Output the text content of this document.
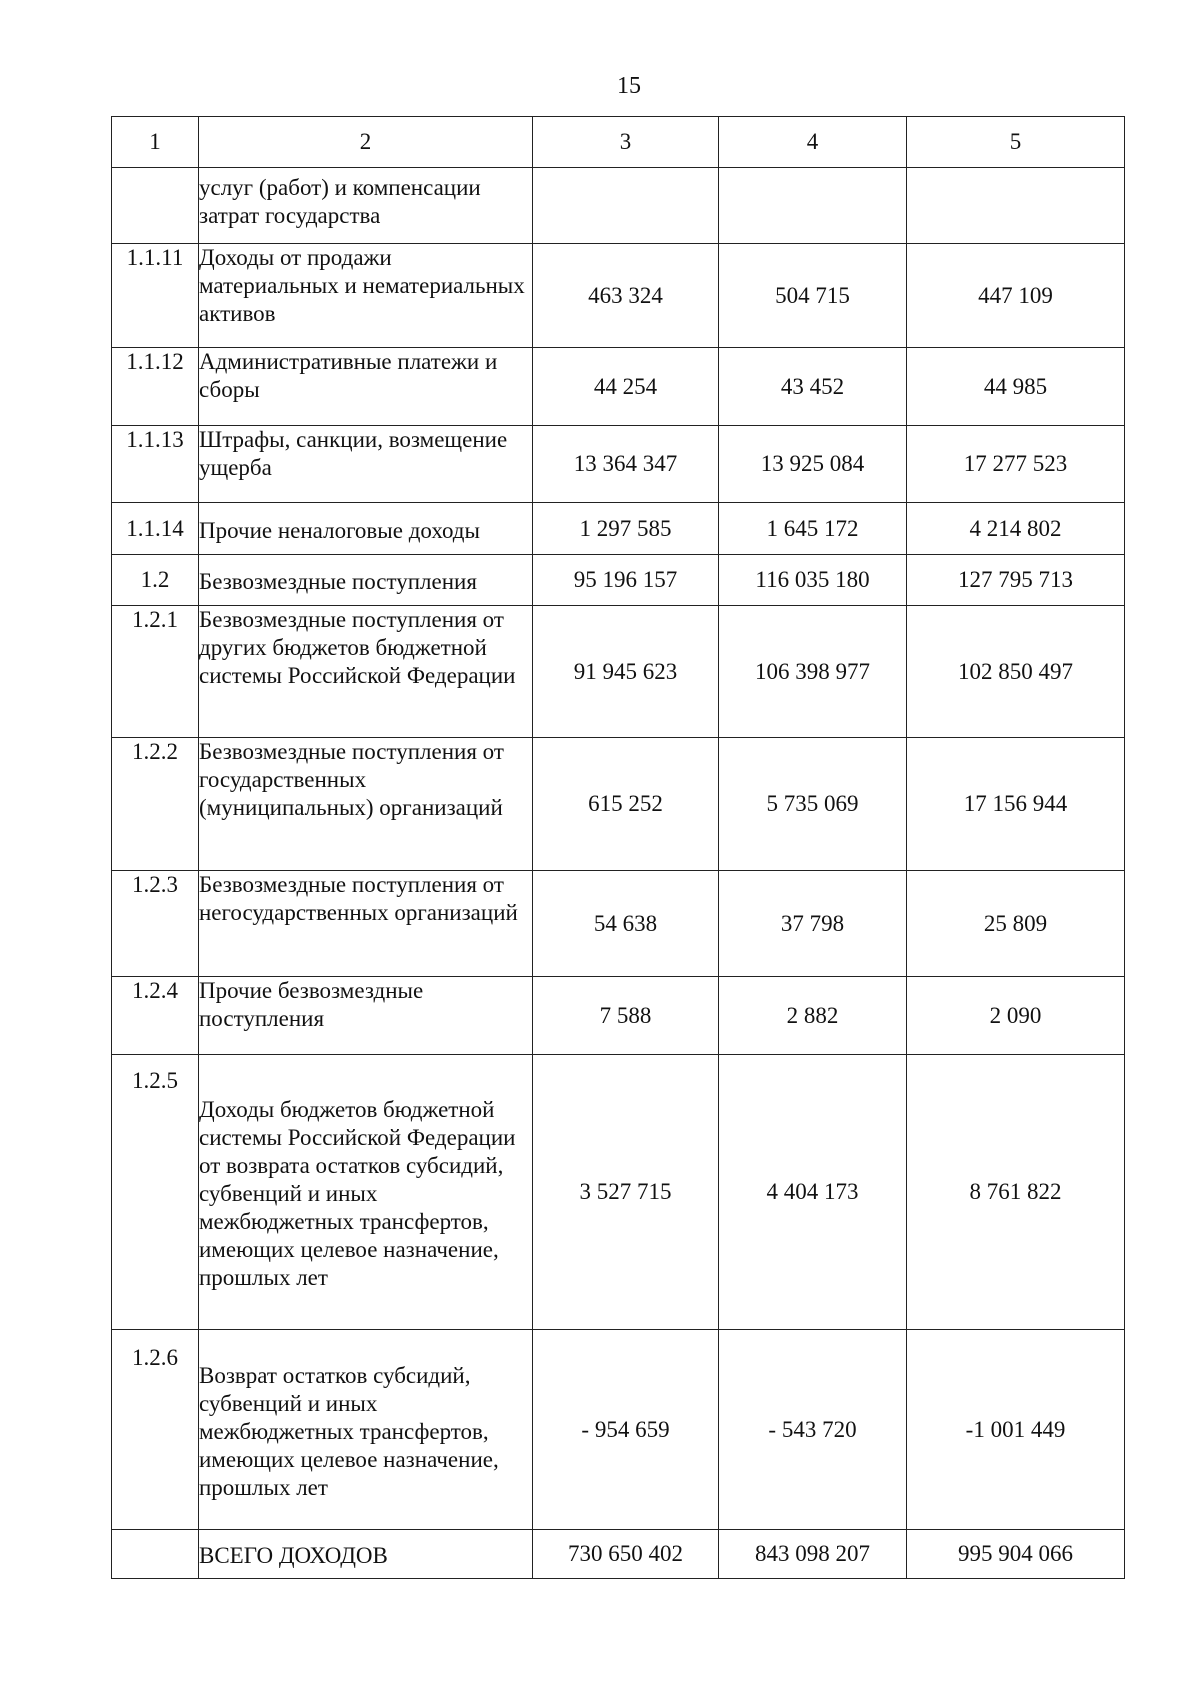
15
1	2	3	4	5
	услуг (работ) и компенсации затрат государства			
1.1.11	Доходы от продажи материальных и нематериальных активов	463 324	504 715	447 109
1.1.12	Административные платежи и сборы	44 254	43 452	44 985
1.1.13	Штрафы, санкции, возмещение ущерба	13 364 347	13 925 084	17 277 523
1.1.14	Прочие неналоговые доходы	1 297 585	1 645 172	4 214 802
1.2	Безвозмездные поступления	95 196 157	116 035 180	127 795 713
1.2.1	Безвозмездные поступления от других бюджетов бюджетной системы Российской Федерации	91 945 623	106 398 977	102 850 497
1.2.2	Безвозмездные поступления от государственных (муниципальных) организаций	615 252	5 735 069	17 156 944
1.2.3	Безвозмездные поступления от негосударственных организаций	54 638	37 798	25 809
1.2.4	Прочие безвозмездные поступления	7 588	2 882	2 090
1.2.5	Доходы бюджетов бюджетной системы Российской Федерации от возврата остатков субсидий, субвенций и иных межбюджетных трансфертов, имеющих целевое назначение, прошлых лет	3 527 715	4 404 173	8 761 822
1.2.6	Возврат остатков субсидий, субвенций и иных межбюджетных трансфертов, имеющих целевое назначение, прошлых лет	- 954 659	- 543 720	-1 001 449
	ВСЕГО ДОХОДОВ	730 650 402	843 098 207	995 904 066
